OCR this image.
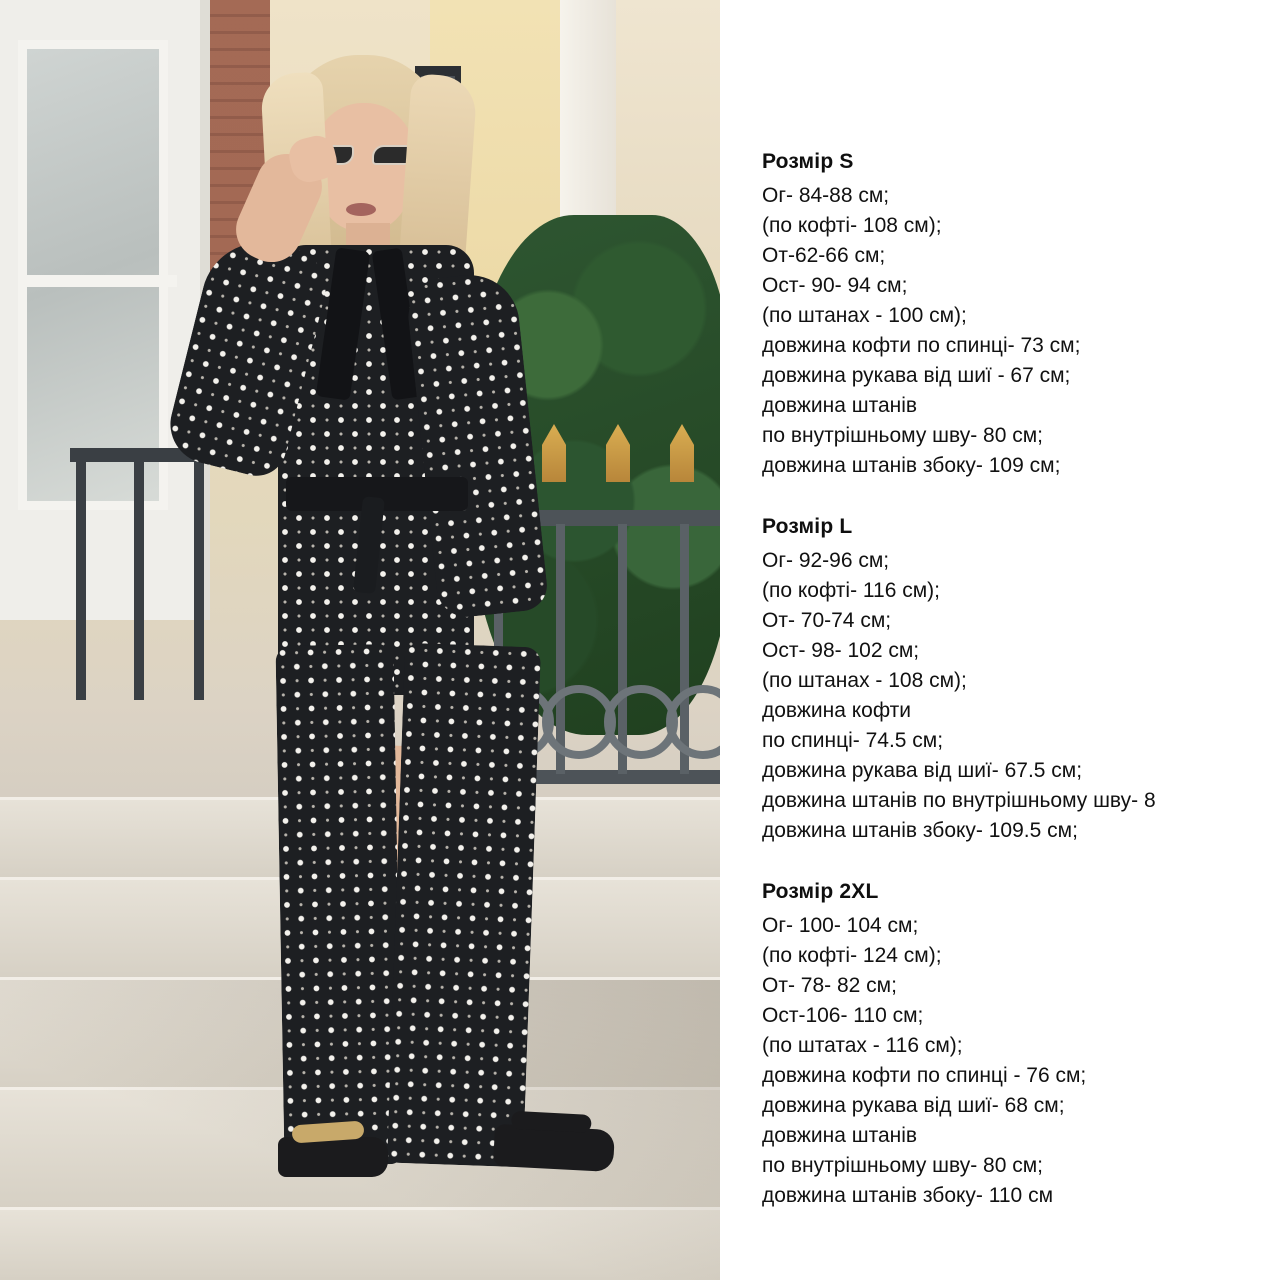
Розмір S
Ог- 84-88 см;
(по кофті- 108 см);
От-62-66 см;
Ост- 90- 94 см;
(по штанах - 100 см);
довжина кофти по спинці- 73 см;
довжина рукава від шиї - 67 см;
довжина штанів
по внутрішньому шву- 80 см;
довжина штанів збоку- 109 см;
Розмір L
Ог- 92-96 см;
(по кофті- 116 см);
От- 70-74 см;
Ост- 98- 102 см;
(по штанах - 108 см);
довжина кофти
по спинці- 74.5 см;
довжина рукава від шиї- 67.5 см;
довжина штанів по внутрішньому шву- 8
довжина штанів збоку- 109.5 см;
Розмір 2XL
Ог- 100- 104 см;
(по кофті- 124 см);
От- 78- 82 см;
Ост-106- 110 см;
(по штатах - 116 см);
довжина кофти по спинці - 76 см;
довжина рукава від шиї- 68 см;
довжина штанів
по внутрішньому шву- 80 см;
довжина штанів збоку- 110 см
